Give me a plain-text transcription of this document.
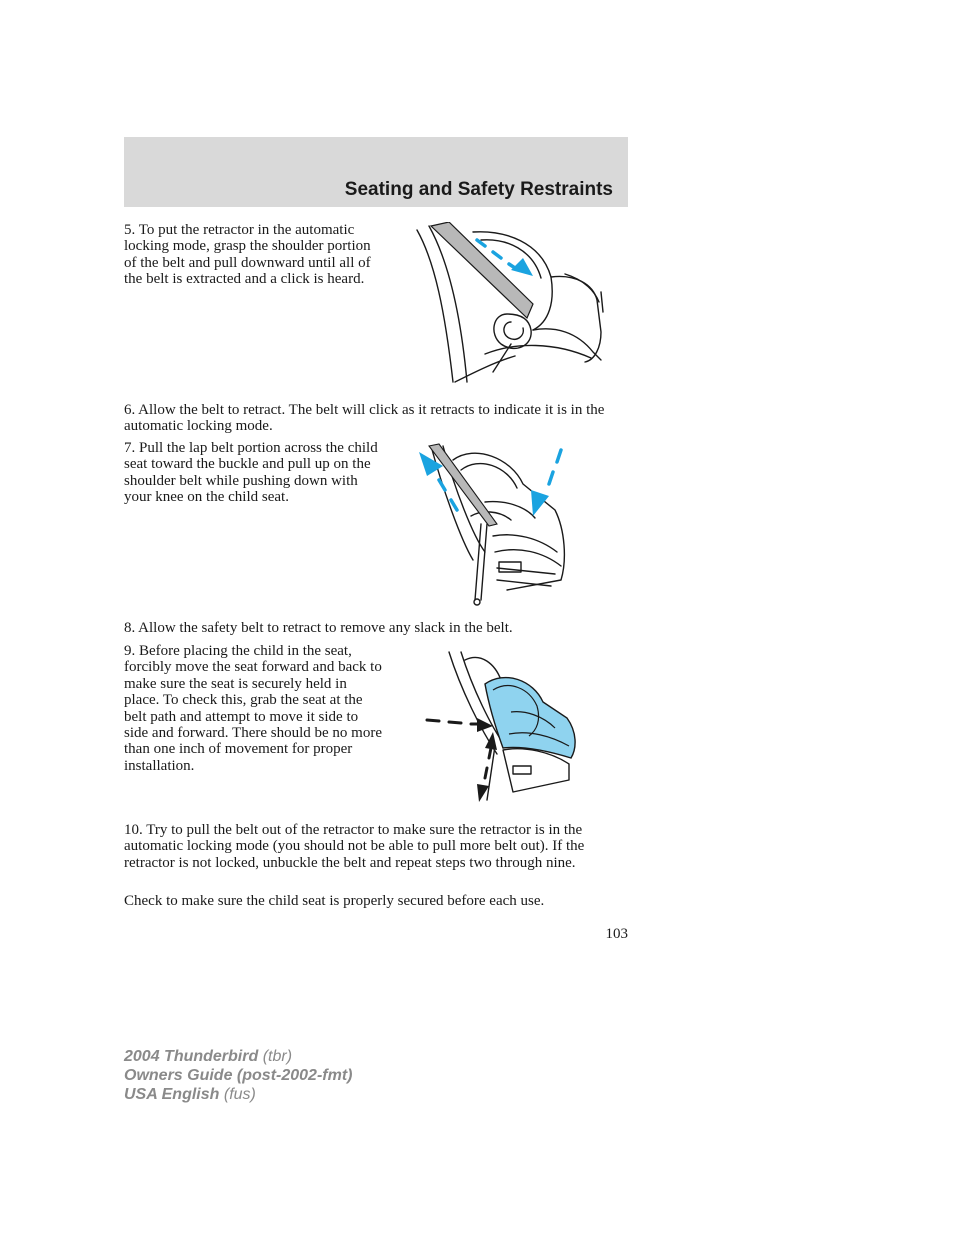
Seating and Safety Restraints

5. To put the retractor in the automatic locking mode, grasp the shoulder portion of the belt and pull downward until all of the belt is extracted and a click is heard.

6. Allow the belt to retract. The belt will click as it retracts to indicate it is in the automatic locking mode.

7. Pull the lap belt portion across the child seat toward the buckle and pull up on the shoulder belt while pushing down with your knee on the child seat.

8. Allow the safety belt to retract to remove any slack in the belt.

9. Before placing the child in the seat, forcibly move the seat forward and back to make sure the seat is securely held in place. To check this, grab the seat at the belt path and attempt to move it side to side and forward. There should be no more than one inch of movement for proper installation.

10. Try to pull the belt out of the retractor to make sure the retractor is in the automatic locking mode (you should not be able to pull more belt out). If the retractor is not locked, unbuckle the belt and repeat steps two through nine.

Check to make sure the child seat is properly secured before each use.

103
2004 Thunderbird (tbr)
Owners Guide (post-2002-fmt)
USA English (fus)
